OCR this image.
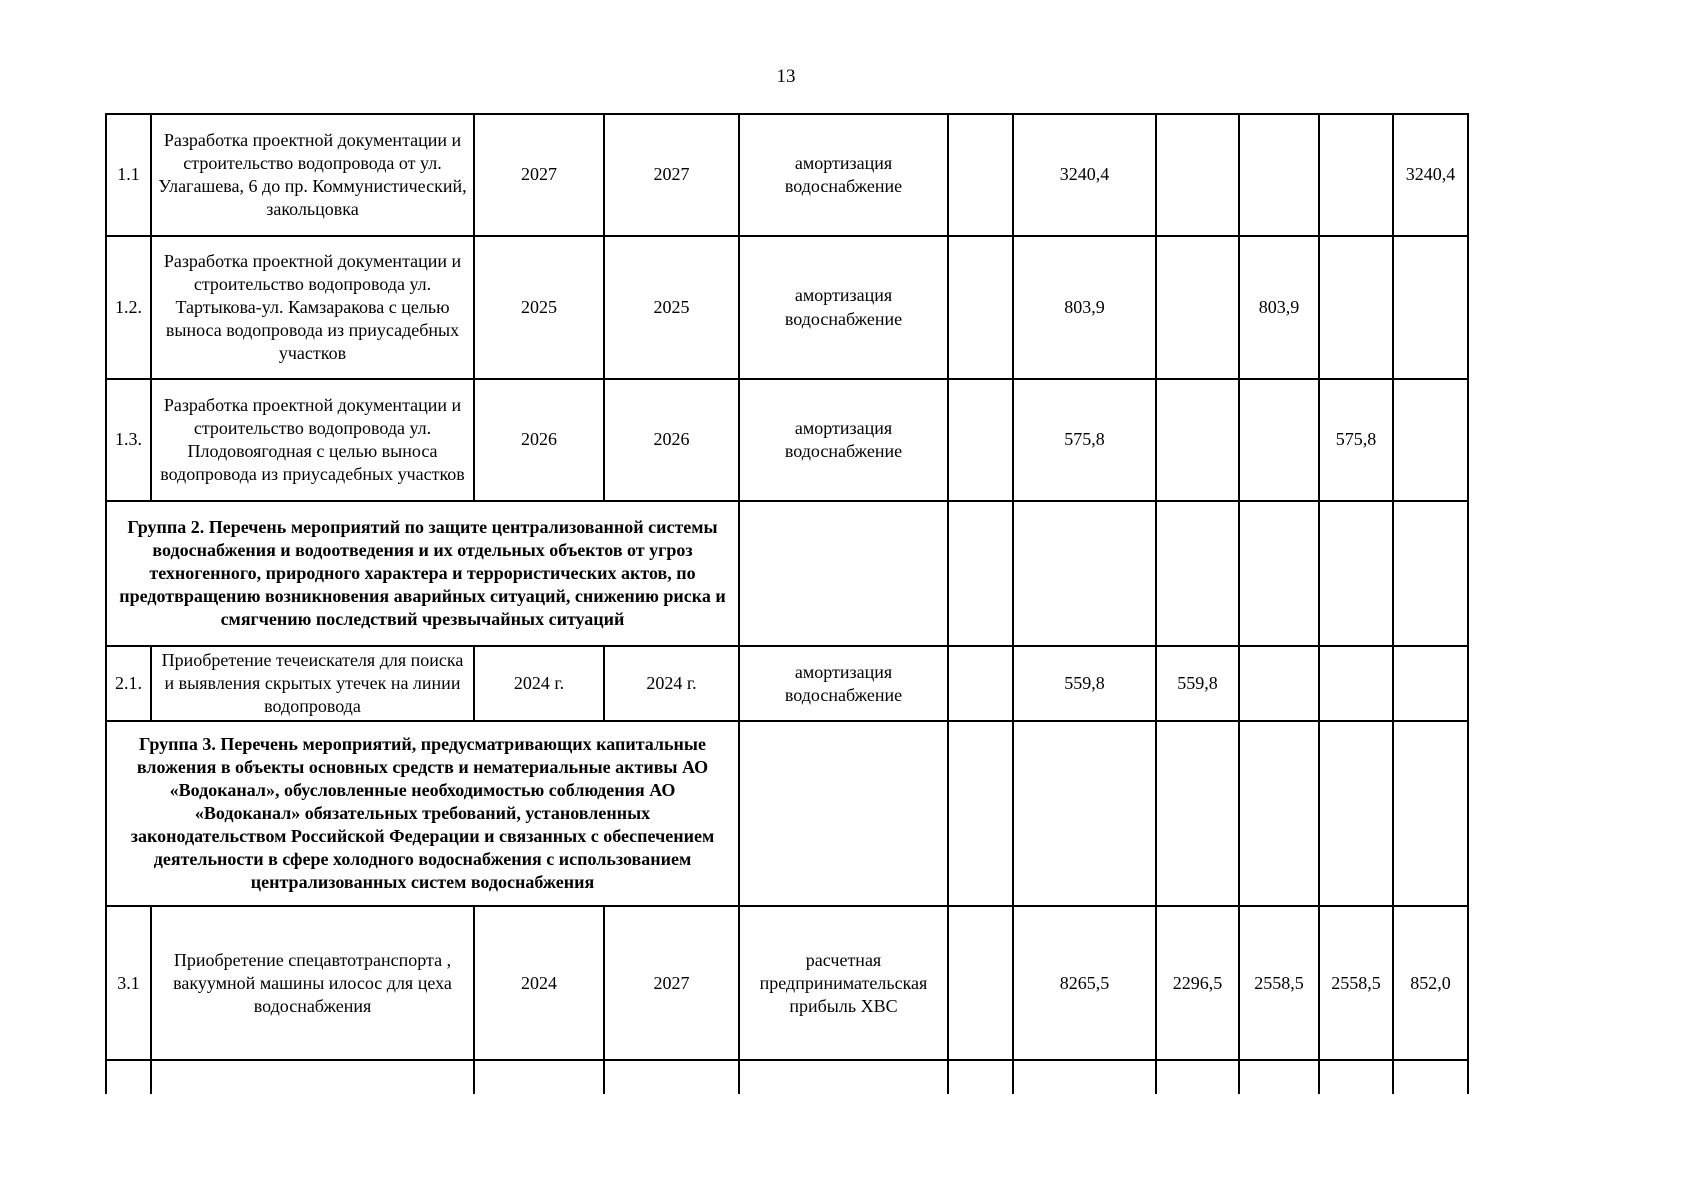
13
1.1	Разработка проектной документации и строительство водопровода от ул. Улагашева, 6 до пр. Коммунистический, закольцовка	2027	2027	амортизация водоснабжение		3240,4				3240,4
1.2.	Разработка проектной документации и строительство водопровода ул. Тартыкова-ул. Камзаракова с целью выноса водопровода из приусадебных участков	2025	2025	амортизация водоснабжение		803,9		803,9		
1.3.	Разработка проектной документации и строительство водопровода ул. Плодовоягодная с целью выноса водопровода из приусадебных участков	2026	2026	амортизация водоснабжение		575,8			575,8	
Группа 2. Перечень мероприятий по защите централизованной системы водоснабжения и водоотведения и их отдельных объектов от угроз техногенного, природного характера и террористических актов, по предотвращению возникновения аварийных ситуаций, снижению риска и смягчению последствий чрезвычайных ситуаций										
2.1.	Приобретение течеискателя для поиска и выявления скрытых утечек на линии водопровода	2024 г.	2024 г.	амортизация водоснабжение		559,8	559,8			
Группа 3. Перечень мероприятий, предусматривающих капитальные вложения в объекты основных средств и нематериальные активы АО «Водоканал», обусловленные необходимостью соблюдения АО «Водоканал» обязательных требований, установленных законодательством Российской Федерации и связанных с обеспечением деятельности в сфере холодного водоснабжения с использованием централизованных систем водоснабжения										
3.1	Приобретение спецавтотранспорта , вакуумной машины илосос для цеха водоснабжения	2024	2027	расчетная предпринимательская прибыль ХВС		8265,5	2296,5	2558,5	2558,5	852,0
